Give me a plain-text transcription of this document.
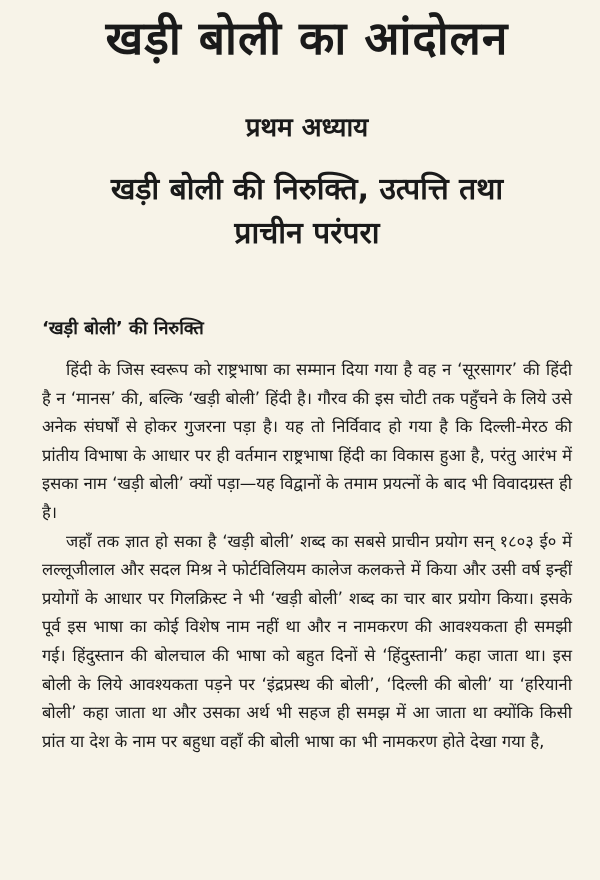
खड़ी बोली का आंदोलन
प्रथम अध्याय
खड़ी बोली की निरुक्ति, उत्पत्ति तथा
प्राचीन परंपरा
‘खड़ी बोली’ की निरुक्ति

हिंदी के जिस स्वरूप को राष्ट्रभाषा का सम्मान दिया गया है वह न ‘सूरसागर’ की हिंदी है न ‘मानस’ की, बल्कि ‘खड़ी बोली’ हिंदी है। गौरव की इस चोटी तक पहुँचने के लिये उसे अनेक संघर्षों से होकर गुजरना पड़ा है। यह तो निर्विवाद हो गया है कि दिल्ली-मेरठ की प्रांतीय विभाषा के आधार पर ही वर्तमान राष्ट्रभाषा हिंदी का विकास हुआ है, परंतु आरंभ में इसका नाम ‘खड़ी बोली’ क्यों पड़ा—यह विद्वानों के तमाम प्रयत्नों के बाद भी विवादग्रस्त ही है।

जहाँ तक ज्ञात हो सका है ‘खड़ी बोली’ शब्द का सबसे प्राचीन प्रयोग सन् १८०३ ई० में लल्लूजीलाल और सदल मिश्र ने फोर्टविलियम कालेज कलकत्ते में किया और उसी वर्ष इन्हीं प्रयोगों के आधार पर गिलक्रिस्ट ने भी ‘खड़ी बोली’ शब्द का चार बार प्रयोग किया। इसके पूर्व इस भाषा का कोई विशेष नाम नहीं था और न नामकरण की आवश्यकता ही समझी गई। हिंदुस्तान की बोलचाल की भाषा को बहुत दिनों से ‘हिंदुस्तानी’ कहा जाता था। इस बोली के लिये आवश्यकता पड़ने पर ‘इंद्रप्रस्थ की बोली’, ‘दिल्ली की बोली’ या ‘हरियानी बोली’ कहा जाता था और उसका अर्थ भी सहज ही समझ में आ जाता था क्योंकि किसी प्रांत या देश के नाम पर बहुधा वहाँ की बोली भाषा का भी नामकरण होते देखा गया है,
